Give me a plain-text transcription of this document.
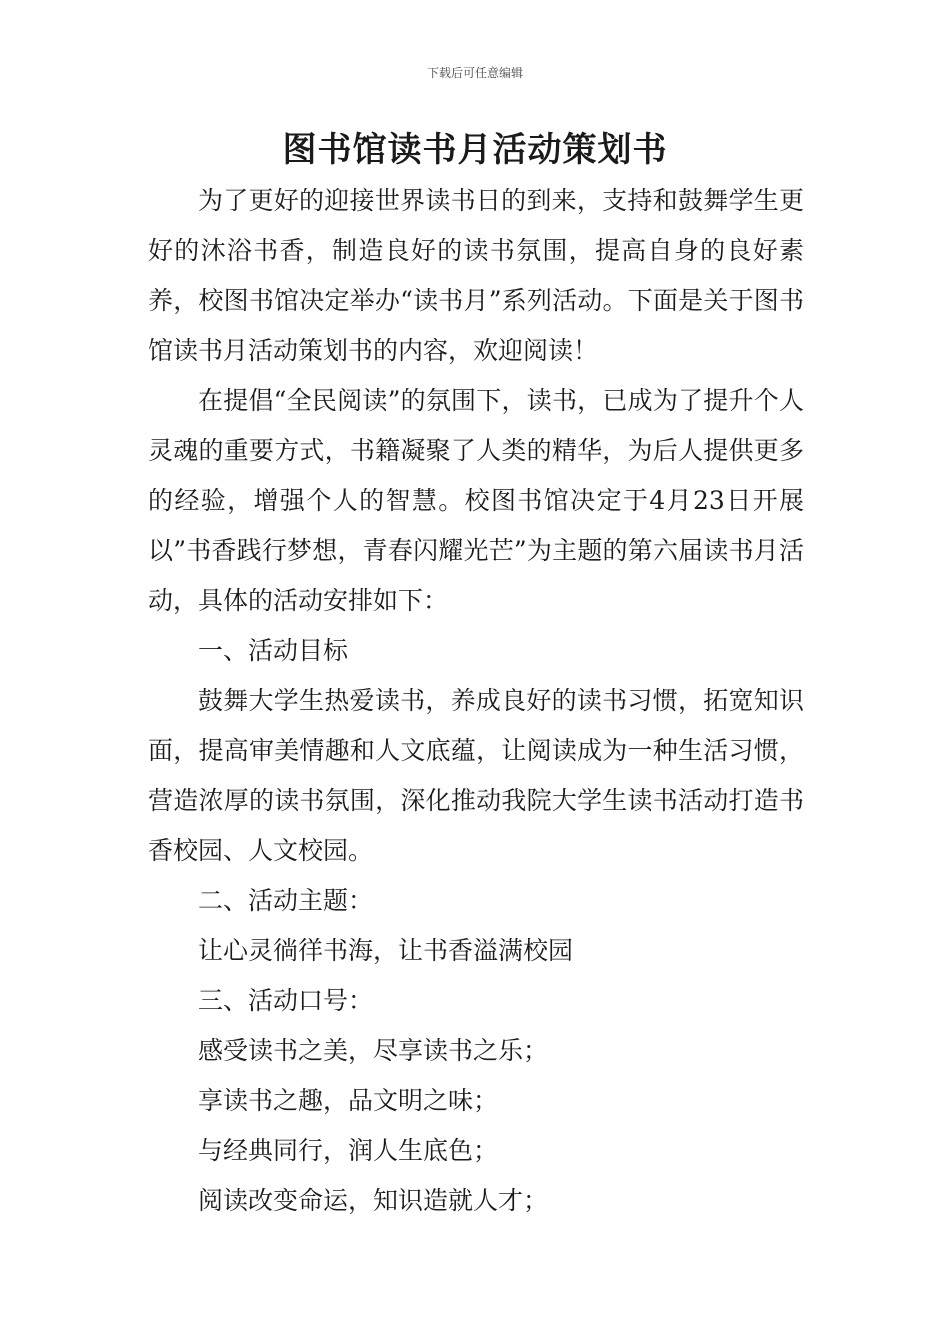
下载后可任意编辑
图书馆读书月活动策划书

为了更好的迎接世界读书日的到来，支持和鼓舞学生更好的沐浴书香，制造良好的读书氛围，提高自身的良好素养，校图书馆决定举办“读书月”系列活动。下面是关于图书馆读书月活动策划书的内容，欢迎阅读！

在提倡“全民阅读”的氛围下，读书，已成为了提升个人灵魂的重要方式，书籍凝聚了人类的精华，为后人提供更多的经验，增强个人的智慧。校图书馆决定于4月23日开展以”书香践行梦想，青春闪耀光芒”为主题的第六届读书月活动，具体的活动安排如下：

一、活动目标

鼓舞大学生热爱读书，养成良好的读书习惯，拓宽知识面，提高审美情趣和人文底蕴，让阅读成为一种生活习惯，营造浓厚的读书氛围，深化推动我院大学生读书活动打造书香校园、人文校园。

二、活动主题：

让心灵徜徉书海，让书香溢满校园

三、活动口号：

感受读书之美，尽享读书之乐；

享读书之趣，品文明之味；

与经典同行，润人生底色；

阅读改变命运，知识造就人才；
